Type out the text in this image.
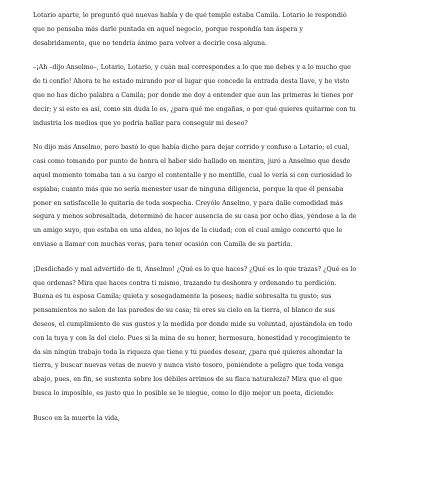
Lotario aparte, le preguntó qué nuevas había y de qué temple estaba Camila. Lotario le respondió
que no pensaba más darle puntada en aquel negocio, porque respondía tan áspera y
desabridamente, que no tendría ánimo para volver a decirle cosa alguna.

–¡Ah –dijo Anselmo–, Lotario, Lotario, y cuán mal correspondes a lo que me debes y a lo mucho que
de ti confío! Ahora te he estado mirando por el lugar que concede la entrada desta llave, y he visto
que no has dicho palabra a Camila; por donde me doy a entender que aun las primeras le tienes por
decir; y si esto es así, como sin duda lo es, ¿para qué me engañas, o por qué quieres quitarme con tu
industria los medios que yo podría hallar para conseguir mi deseo?

No dijo más Anselmo, pero bastó lo que había dicho para dejar corrido y confuso a Lotario; el cual,
casi como tomando por punto de honra el haber sido hallado en mentira, juró a Anselmo que desde
aquel momento tomaba tan a su cargo el contentalle y no mentille, cual lo vería si con curiosidad lo
espiaba; cuanto más que no sería menester usar de ninguna diligencia, porque la que él pensaba
poner en satisfacelle le quitaría de toda sospecha. Creyóle Anselmo, y para dalle comodidad más
segura y menos sobresaltada, determinó de hacer ausencia de su casa por ocho días, yéndose a la de
un amigo suyo, que estaba en una aldea, no lejos de la ciudad; con el cual amigo concertó que le
enviase a llamar con muchas veras, para tener ocasión con Camila de su partida.

¡Desdichado y mal advertido de ti, Anselmo! ¿Qué es lo que haces? ¿Qué es lo que trazas? ¿Qué es lo
que ordenas? Mira que haces contra ti mismo, trazando tu deshonra y ordenando tu perdición.
Buena es tu esposa Camila; quieta y sosegadamente la posees; nadie sobresalta tu gusto; sus
pensamientos no salen de las paredes de su casa; tú eres su cielo en la tierra, el blanco de sus
deseos, el cumplimiento de sus gustos y la medida por donde mide su voluntad, ajustándola en todo
con la tuya y con la del cielo. Pues si la mina de su honor, hermosura, honestidad y recogimiento te
da sin ningún trabajo toda la riqueza que tiene y tú puedes desear, ¿para qué quieres ahondar la
tierra, y buscar nuevas vetas de nuevo y nunca visto tesoro, poniéndote a peligro que toda venga
abajo, pues, en fin, se sustenta sobre los débiles arrimos de su flaca naturaleza? Mira que el que
busca lo imposible, es justo que lo posible se le niegue, como lo dijo mejor un poeta, diciendo:

Busco en la muerte la vida,
